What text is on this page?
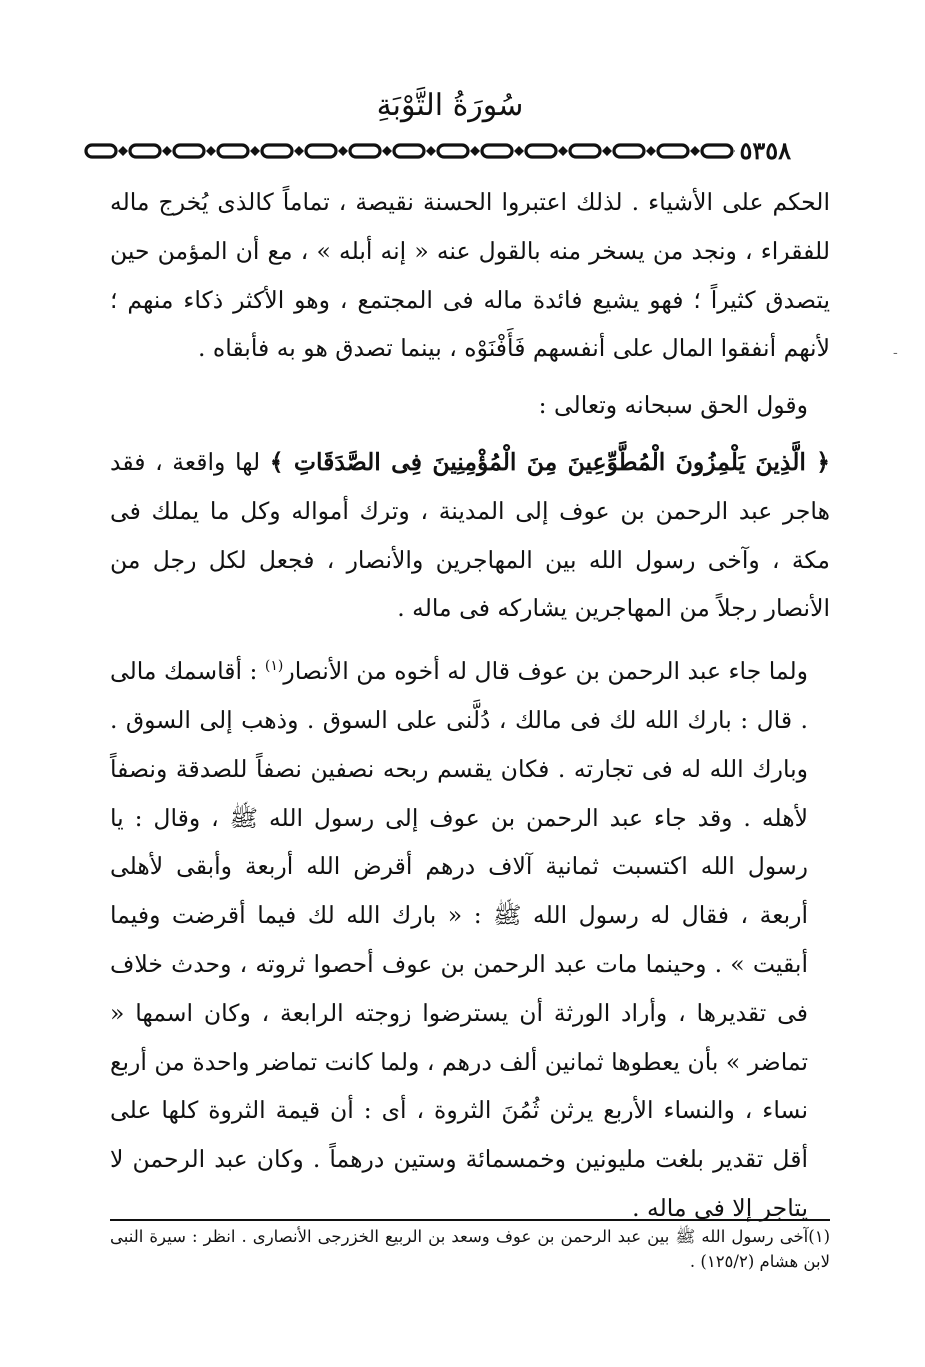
سُورَةُ التَّوْبَةِ
٥٣٥٨

الحكم على الأشياء . لذلك اعتبروا الحسنة نقيصة ، تماماً كالذى يُخرج ماله للفقراء ، ونجد من يسخر منه بالقول عنه « إنه أبله » ، مع أن المؤمن حين يتصدق كثيراً ؛ فهو يشيع فائدة ماله فى المجتمع ، وهو الأكثر ذكاء منهم ؛ لأنهم أنفقوا المال على أنفسهم فَأَفْنَوْه ، بينما تصدق هو به فأبقاه .

وقول الحق سبحانه وتعالى :

﴿ الَّذِينَ يَلْمِزُونَ الْمُطَّوِّعِينَ مِنَ الْمُؤْمِنِينَ فِى الصَّدَقَاتِ ﴾ لها واقعة ، فقد هاجر عبد الرحمن بن عوف إلى المدينة ، وترك أمواله وكل ما يملك فى مكة ، وآخى رسول الله بين المهاجرين والأنصار ، فجعل لكل رجل من الأنصار رجلاً من المهاجرين يشاركه فى ماله .

ولما جاء عبد الرحمن بن عوف قال له أخوه من الأنصار$^{(١)}$ : أقاسمك مالى . قال : بارك الله لك فى مالك ، دُلَّنى على السوق . وذهب إلى السوق . وبارك الله له فى تجارته . فكان يقسم ربحه نصفين نصفاً للصدقة ونصفاً لأهله . وقد جاء عبد الرحمن بن عوف إلى رسول الله ﷺ ، وقال : يا رسول الله اكتسبت ثمانية آلاف درهم أقرض الله أربعة وأبقى لأهلى أربعة ، فقال له رسول الله ﷺ : « بارك الله لك فيما أقرضت وفيما أبقيت » . وحينما مات عبد الرحمن بن عوف أحصوا ثروته ، وحدث خلاف فى تقديرها ، وأراد الورثة أن يسترضوا زوجته الرابعة ، وكان اسمها « تماضر » بأن يعطوها ثمانين ألف درهم ، ولما كانت تماضر واحدة من أربع نساء ، والنساء الأربع يرثن ثُمُنَ الثروة ، أى : أن قيمة الثروة كلها على أقل تقدير بلغت مليونين وخمسمائة وستين درهماً . وكان عبد الرحمن لا يتاجر إلا فى ماله .

(١)آخى رسول الله ﷺ بين عبد الرحمن بن عوف وسعد بن الربيع الخزرجى الأنصارى . انظر : سيرة النبى لابن هشام (١٢٥/٢) .
-
